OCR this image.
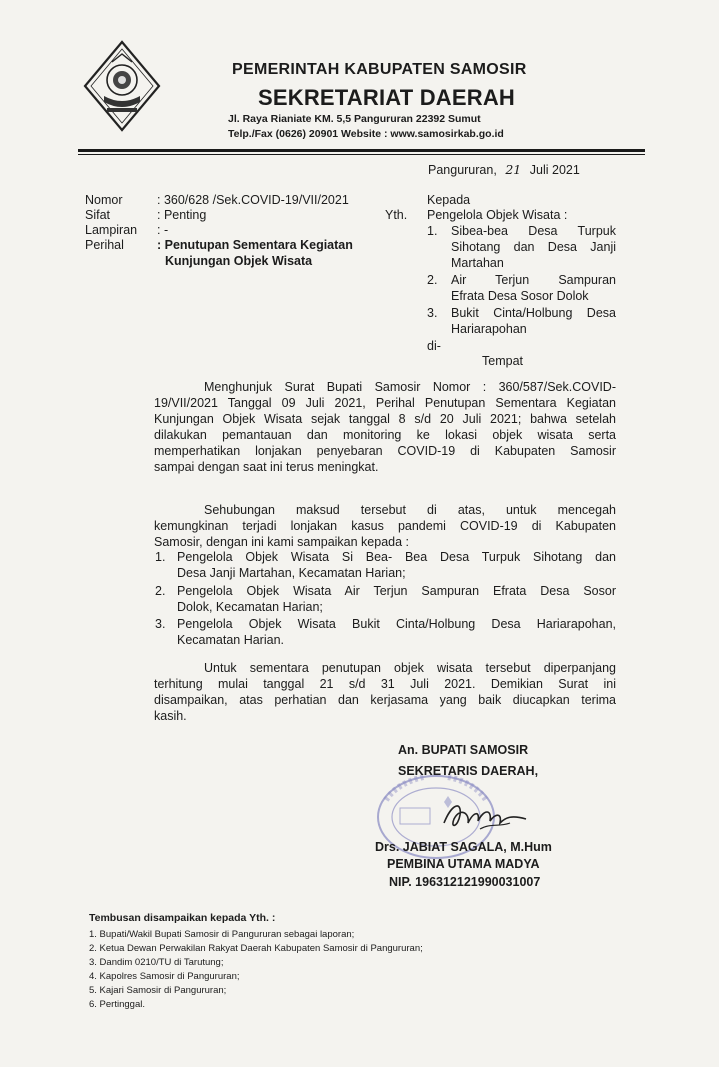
PEMERINTAH KABUPATEN SAMOSIR
SEKRETARIAT DAERAH
Jl. Raya Rianiate KM. 5,5 Pangururan 22392 Sumut
Telp./Fax (0626) 20901 Website : www.samosirkab.go.id
Pangururan, 21 Juli 2021
Nomor	: 360/628 /Sek.COVID-19/VII/2021
Sifat	: Penting
Lampiran : -
Perihal	: Penutupan Sementara Kegiatan
Kunjungan Objek Wisata
Kepada
Yth. Pengelola Objek Wisata :
1. Sibea-bea Desa Turpuk
Sihotang dan Desa Janji
Martahan
2. Air Terjun Sampuran
Efrata Desa Sosor Dolok
3. Bukit Cinta/Holbung Desa
Hariarapohan
di-
Tempat
Menghunjuk Surat Bupati Samosir Nomor : 360/587/Sek.COVID-
19/VII/2021 Tanggal 09 Juli 2021, Perihal Penutupan Sementara Kegiatan
Kunjungan Objek Wisata sejak tanggal 8 s/d 20 Juli 2021; bahwa setelah
dilakukan pemantauan dan monitoring ke lokasi objek wisata serta
memperhatikan lonjakan penyebaran COVID-19 di Kabupaten Samosir
sampai dengan saat ini terus meningkat.
Sehubungan maksud tersebut di atas, untuk mencegah
kemungkinan terjadi lonjakan kasus pandemi COVID-19 di Kabupaten
Samosir, dengan ini kami sampaikan kepada :
1. Pengelola Objek Wisata Si Bea- Bea Desa Turpuk Sihotang dan
Desa Janji Martahan, Kecamatan Harian;
2. Pengelola Objek Wisata Air Terjun Sampuran Efrata Desa Sosor
Dolok, Kecamatan Harian;
3. Pengelola Objek Wisata Bukit Cinta/Holbung Desa Hariarapohan,
Kecamatan Harian.
Untuk sementara penutupan objek wisata tersebut diperpanjang
terhitung mulai tanggal 21 s/d 31 Juli 2021. Demikian Surat ini
disampaikan, atas perhatian dan kerjasama yang baik diucapkan terima
kasih.
An. BUPATI SAMOSIR
SEKRETARIS DAERAH,
Drs. JABIAT SAGALA, M.Hum
PEMBINA UTAMA MADYA
NIP. 196312121990031007
Tembusan disampaikan kepada Yth. :
1. Bupati/Wakil Bupati Samosir di Pangururan sebagai laporan;
2. Ketua Dewan Perwakilan Rakyat Daerah Kabupaten Samosir di Pangururan;
3. Dandim 0210/TU di Tarutung;
4. Kapolres Samosir di Pangururan;
5. Kajari Samosir di Pangururan;
6. Pertinggal.
